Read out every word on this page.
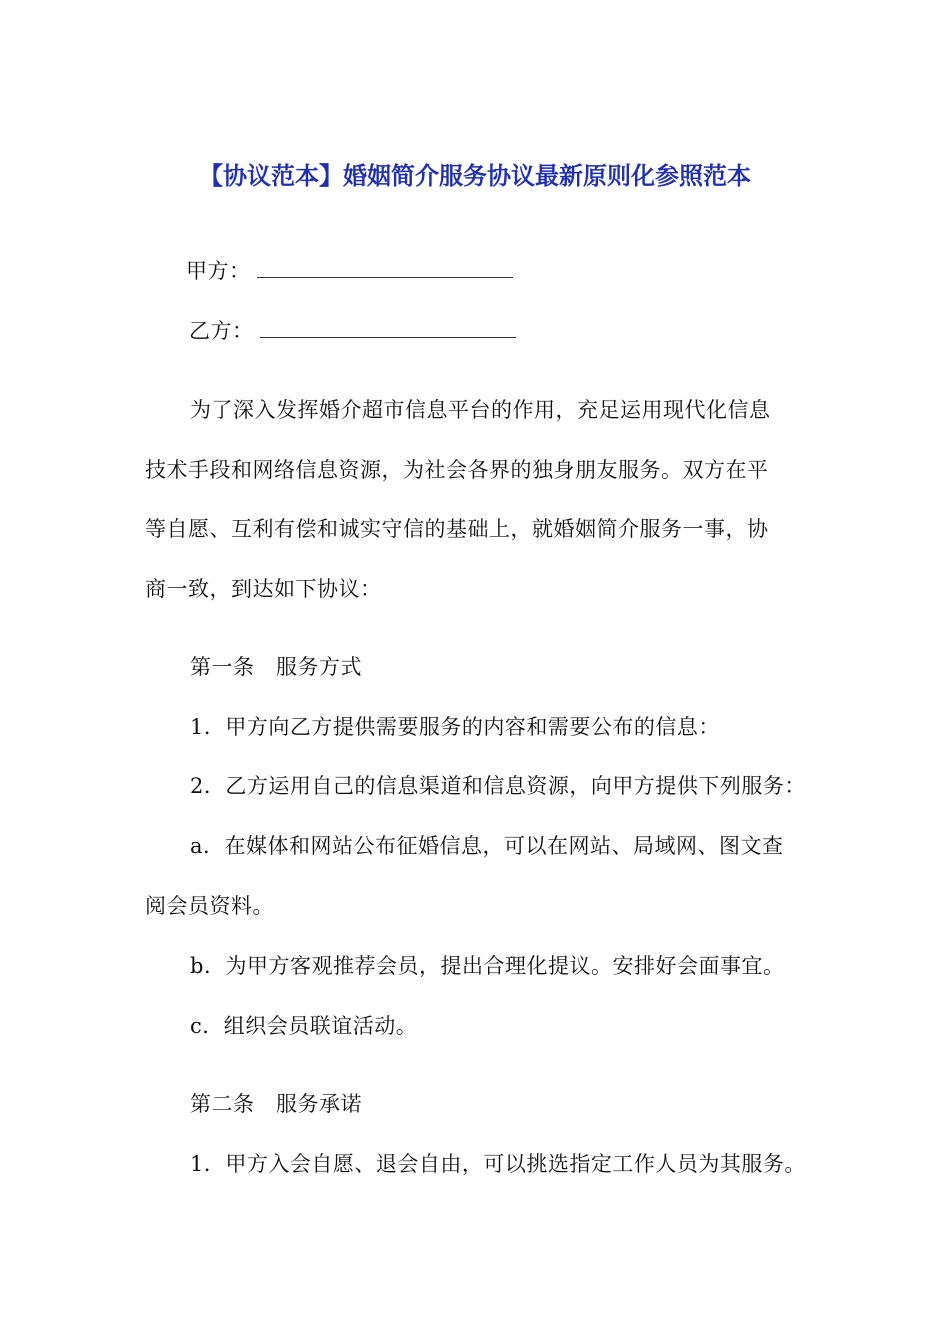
【协议范本】婚姻简介服务协议最新原则化参照范本
甲方：
乙方：
为了深入发挥婚介超市信息平台的作用，充足运用现代化信息
技术手段和网络信息资源，为社会各界的独身朋友服务。双方在平
等自愿、互利有偿和诚实守信的基础上，就婚姻简介服务一事，协
商一致，到达如下协议：
第一条　服务方式
1．甲方向乙方提供需要服务的内容和需要公布的信息：
2．乙方运用自己的信息渠道和信息资源，向甲方提供下列服务：
a．在媒体和网站公布征婚信息，可以在网站、局域网、图文查
阅会员资料。
b．为甲方客观推荐会员，提出合理化提议。安排好会面事宜。
c．组织会员联谊活动。
第二条　服务承诺
1．甲方入会自愿、退会自由，可以挑选指定工作人员为其服务。
